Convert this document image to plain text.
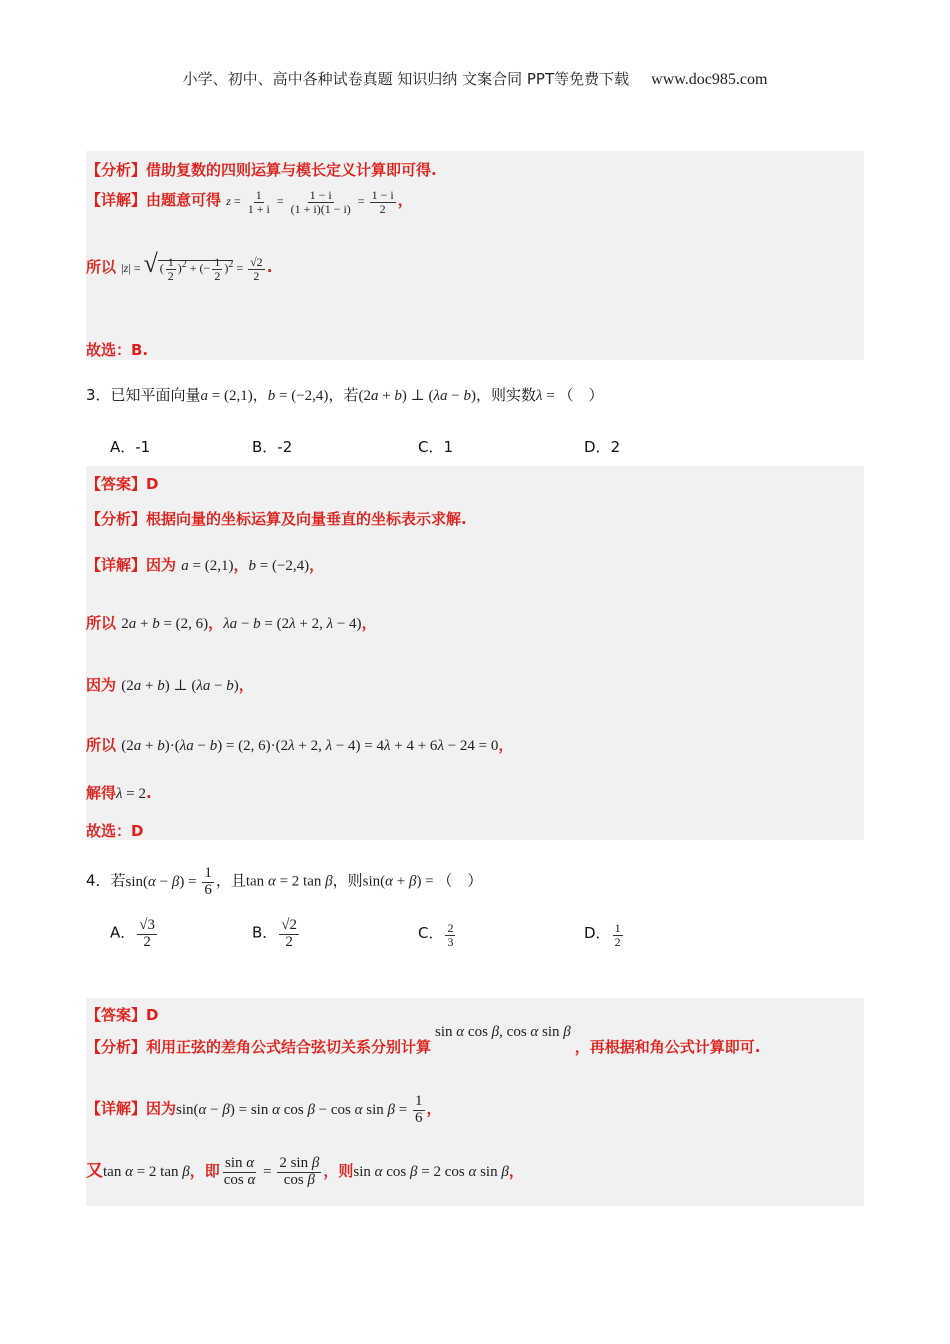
小学、初中、高中各种试卷真题 知识归纳 文案合同 PPT等免费下载 www.doc985.com
【分析】借助复数的四则运算与模长定义计算即可得.
【详解】由题意可得 $z = \frac{1}{1 + i} = \frac{1 - i}{(1 + i)(1 - i)} = \frac{1 - i}{2}$ ，
所以 |z| = √ ( $\frac{1}{2} )^2$ + (− $\frac{1}{2} )^2 = \frac{√2}{2}$ .
故选：B.
3．已知平面向量a = (2,1)，b = (−2,4)，若(2a + b) ⊥ (λa − b)，则实数λ = （　）
A．-1	B．-2	C．1	D．2
【答案】D
【分析】根据向量的坐标运算及向量垂直的坐标表示求解.
【详解】因为 a = (2,1)，b = (−2,4)，
所以 2a + b = (2, 6)，λa − b = (2λ + 2, λ − 4)，
因为 (2a + b) ⊥ (λa − b)，
所以 (2a + b)·(λa − b) = (2, 6)·(2λ + 2, λ − 4) = 4λ + 4 + 6λ − 24 = 0，
解得λ = 2.
故选：D
4．若$\sin(\alpha - \beta) = \frac{1}{6}$ ，且tan α = 2 tan β，则sin(α + β) = （　）
A． $\frac{√3}{2}$	B． $\frac{√2}{2}$	C． $\frac{2}{3}$	D． $\frac{1}{2}$
【答案】D
【分析】利用正弦的差角公式结合弦切关系分别计算sin α cos β, cos α sin β，再根据和角公式计算即可.
【详解】因为sin(α − β) = sin α cos β − cos α $\sin \beta = \frac{1}{6}$ ，
又tan α = 2 tan β，即 $\frac{\text{sin α}}{\text{cos α}} = \frac{\text{2 sin β}}{\text{cos β}}$ ，则sin α cos β = 2 cos α sin β，
